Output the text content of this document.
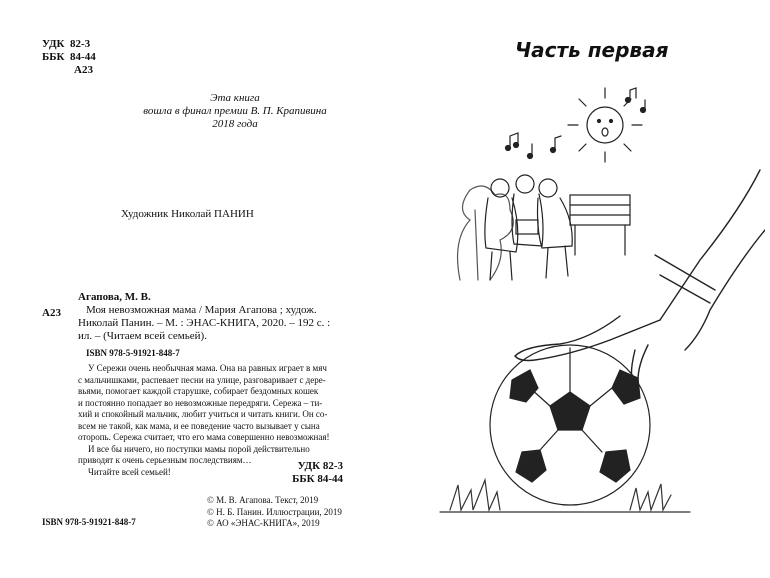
УДК 82-3
ББК 84-44
А23
Эта книга
вошла в финал премии В. П. Крапивина
2018 года
Художник Николай ПАНИН
А23
Агапова, М. В.
Моя невозможная мама / Мария Агапова ; худож.
Николай Панин. – М. : ЭНАС-КНИГА, 2020. – 192 с. :
ил. – (Читаем всей семьей).
ISBN 978-5-91921-848-7
У Сережи очень необычная мама. Она на равных играет в мяч
с мальчишками, распевает песни на улице, разговаривает с дере-
вьями, помогает каждой старушке, собирает бездомных кошек
и постоянно попадает во невозможные передряги. Сережа – ти-
хий и спокойный мальчик, любит учиться и читать книги. Он со-
всем не такой, как мама, и ее поведение часто вызывает у сына
оторопь. Сережа считает, что его мама совершенно невозможная!
И все бы ничего, но поступки мамы порой действительно
приводят к очень серьезным последствиям…
Читайте всей семьей!	УДК 82-3
ББК 84-44
ISBN 978-5-91921-848-7
© М. В. Агапова. Текст, 2019
© Н. Б. Панин. Иллюстрации, 2019
© АО «ЭНАС-КНИГА», 2019
Часть первая
